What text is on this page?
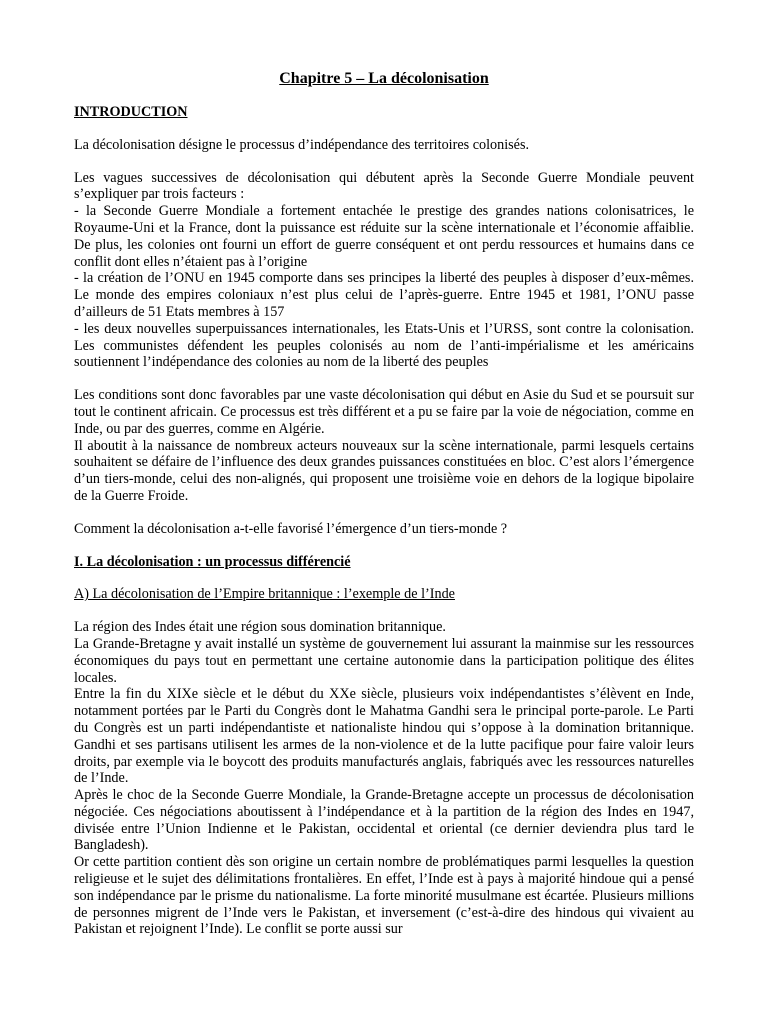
Chapitre 5 – La décolonisation
INTRODUCTION

La décolonisation désigne le processus d’indépendance des territoires colonisés.

Les vagues successives de décolonisation qui débutent après la Seconde Guerre Mondiale peuvent s’expliquer par trois facteurs :

- la Seconde Guerre Mondiale a fortement entachée le prestige des grandes nations colonisatrices, le Royaume-Uni et la France, dont la puissance est réduite sur la scène internationale et l’économie affaiblie. De plus, les colonies ont fourni un effort de guerre conséquent et ont perdu ressources et humains dans ce conflit dont elles n’étaient pas à l’origine

- la création de l’ONU en 1945 comporte dans ses principes la liberté des peuples à disposer d’eux-mêmes. Le monde des empires coloniaux n’est plus celui de l’après-guerre. Entre 1945 et 1981, l’ONU passe d’ailleurs de 51 Etats membres à 157

- les deux nouvelles superpuissances internationales, les Etats-Unis et l’URSS, sont contre la colonisation. Les communistes défendent les peuples colonisés au nom de l’anti-impérialisme et les américains soutiennent l’indépendance des colonies au nom de la liberté des peuples

Les conditions sont donc favorables par une vaste décolonisation qui début en Asie du Sud et se poursuit sur tout le continent africain. Ce processus est très différent et a pu se faire par la voie de négociation, comme en Inde, ou par des guerres, comme en Algérie.

Il aboutit à la naissance de nombreux acteurs nouveaux sur la scène internationale, parmi lesquels certains souhaitent se défaire de l’influence des deux grandes puissances constituées en bloc. C’est alors l’émergence d’un tiers-monde, celui des non-alignés, qui proposent une troisième voie en dehors de la logique bipolaire de la Guerre Froide.

Comment la décolonisation a-t-elle favorisé l’émergence d’un tiers-monde ?

I. La décolonisation : un processus différencié
A) La décolonisation de l’Empire britannique : l’exemple de l’Inde

La région des Indes était une région sous domination britannique.

La Grande-Bretagne y avait installé un système de gouvernement lui assurant la mainmise sur les ressources économiques du pays tout en permettant une certaine autonomie dans la participation politique des élites locales.

Entre la fin du XIXe siècle et le début du XXe siècle, plusieurs voix indépendantistes s’élèvent en Inde, notamment portées par le Parti du Congrès dont le Mahatma Gandhi sera le principal porte-parole. Le Parti du Congrès est un parti indépendantiste et nationaliste hindou qui s’oppose à la domination britannique. Gandhi et ses partisans utilisent les armes de la non-violence et de la lutte pacifique pour faire valoir leurs droits, par exemple via le boycott des produits manufacturés anglais, fabriqués avec les ressources naturelles de l’Inde.

Après le choc de la Seconde Guerre Mondiale, la Grande-Bretagne accepte un processus de décolonisation négociée. Ces négociations aboutissent à l’indépendance et à la partition de la région des Indes en 1947, divisée entre l’Union Indienne et le Pakistan, occidental et oriental (ce dernier deviendra plus tard le Bangladesh).

Or cette partition contient dès son origine un certain nombre de problématiques parmi lesquelles la question religieuse et le sujet des délimitations frontalières. En effet, l’Inde est à pays à majorité hindoue qui a pensé son indépendance par le prisme du nationalisme. La forte minorité musulmane est écartée. Plusieurs millions de personnes migrent de l’Inde vers le Pakistan, et inversement (c’est-à-dire des hindous qui vivaient au Pakistan et rejoignent l’Inde). Le conflit se porte aussi sur
